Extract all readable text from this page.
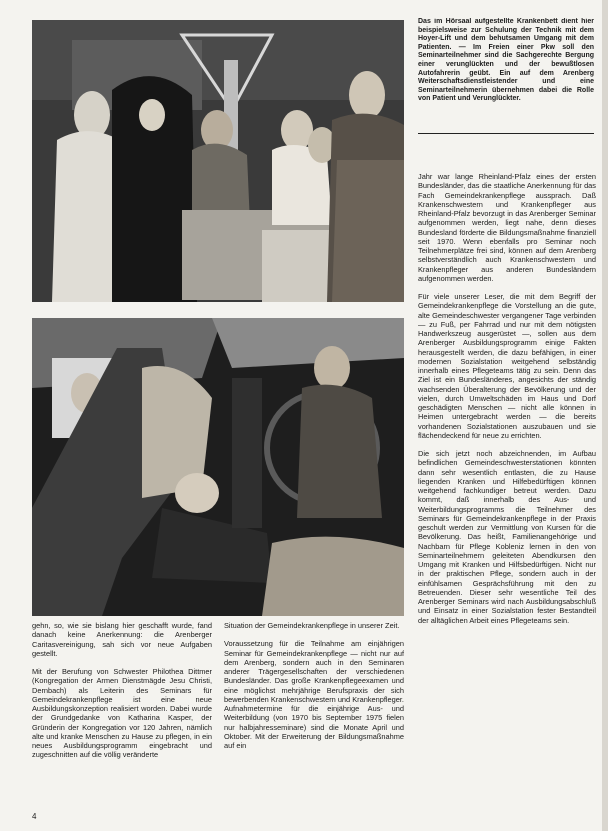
Das im Hörsaal aufgestellte Krankenbett dient hier beispielsweise zur Schulung der Technik mit dem Hoyer-Lift und dem behutsamen Umgang mit dem Patienten. — Im Freien einer Pkw soll den Seminarteilnehmer sind die Sachgerechte Bergung einer verunglückten und der bewußtlosen Autofahrerin geübt. Ein auf dem Arenberg Weiterschaftsdienstleistender und eine Seminarteilnehmerin übernehmen dabei die Rolle von Patient und Verunglückter.

Jahr war lange Rheinland-Pfalz eines der ersten Bundesländer, das die staatliche Anerkennung für das Fach Gemeindekrankenpflege aussprach. Daß Krankenschwestern und Krankenpfleger aus Rheinland-Pfalz bevorzugt in das Arenberger Seminar aufgenommen werden, liegt nahe, denn dieses Bundesland förderte die Bildungsmaßnahme finanziell seit 1970. Wenn ebenfalls pro Seminar noch Teilnehmerplätze frei sind, können auf dem Arenberg selbstverständlich auch Krankenschwestern und Krankenpfleger aus anderen Bundesländern aufgenommen werden.

Für viele unserer Leser, die mit dem Begriff der Gemeindekrankenpflege die Vorstellung an die gute, alte Gemeindeschwester vergangener Tage verbinden — zu Fuß, per Fahrrad und nur mit dem nötigsten Handwerkszeug ausgerüstet —, sollen aus dem Arenberger Ausbildungsprogramm einige Fakten herausgestellt werden, die dazu befähigen, in einer modernen Sozialstation weitgehend selbständig innerhalb eines Pflegeteams tätig zu sein. Denn das Ziel ist ein Bundesländeres, angesichts der ständig wachsenden Überalterung der Bevölkerung und der vielen, durch Umweltschäden im Haus und Dorf geschädigten Menschen — nicht alle können in Heimen untergebracht werden — die bereits vorhandenen Sozialstationen auszubauen und sie flächendeckend für neue zu errichten.

Die sich jetzt noch abzeichnenden, im Aufbau befindlichen Gemeindeschwesterstationen könnten dann sehr wesentlich entlasten, die zu Hause liegenden Kranken und Hilfebedürftigen können weitgehend fachkundiger betreut werden. Dazu kommt, daß innerhalb des Aus- und Weiterbildungsprogramms die Teilnehmer des Seminars für Gemeindekrankenpflege in der Praxis geschult werden zur Vermittlung von Kursen für die Bevölkerung. Das heißt, Familienangehörige und Nachbarn für Pflege Kobleniz lernen in den von Seminarteilnehmern geleiteten Abendkursen den Umgang mit Kranken und Hilfsbedürftigen. Nicht nur in der praktischen Pflege, sondern auch in der einfühlsamen Gesprächsführung mit den zu Betreuenden. Dieser sehr wesentliche Teil des Arenberger Seminars wird nach Ausbildungsabschluß und Einsatz in einer Sozialstation fester Bestandteil der alltäglichen Arbeit eines Pflegeteams sein.

gehn, so, wie sie bislang hier geschafft wurde, fand danach keine Anerkennung: die Arenberger Caritasvereinigung, sah sich vor neue Aufgaben gestellt.

Mit der Berufung von Schwester Philothea Dittmer (Kongregation der Armen Dienstmägde Jesu Christi, Dernbach) als Leiterin des Seminars für Gemeindekrankenpflege ist eine neue Ausbildungskonzeption realisiert worden. Dabei wurde der Grundgedanke von Katharina Kasper, der Gründerin der Kongregation vor 120 Jahren, nämlich alte und kranke Menschen zu Hause zu pflegen, in ein neues Ausbildungsprogramm eingebracht und zugeschnitten auf die völlig veränderte

Situation der Gemeindekrankenpflege in unserer Zeit.

Voraussetzung für die Teilnahme am einjährigen Seminar für Gemeindekrankenpflege — nicht nur auf dem Arenberg, sondern auch in den Seminaren anderer Trägergesellschaften der verschiedenen Bundesländer. Das große Krankenpflegeexamen und eine möglichst mehrjährige Berufspraxis der sich bewerbenden Krankenschwestern und Krankenpfleger. Aufnahmetermine für die einjährige Aus- und Weiterbildung (von 1970 bis September 1975 fielen nur halbjahresseminare) sind die Monate April und Oktober. Mit der Erweiterung der Bildungsmaßnahme auf ein

4
